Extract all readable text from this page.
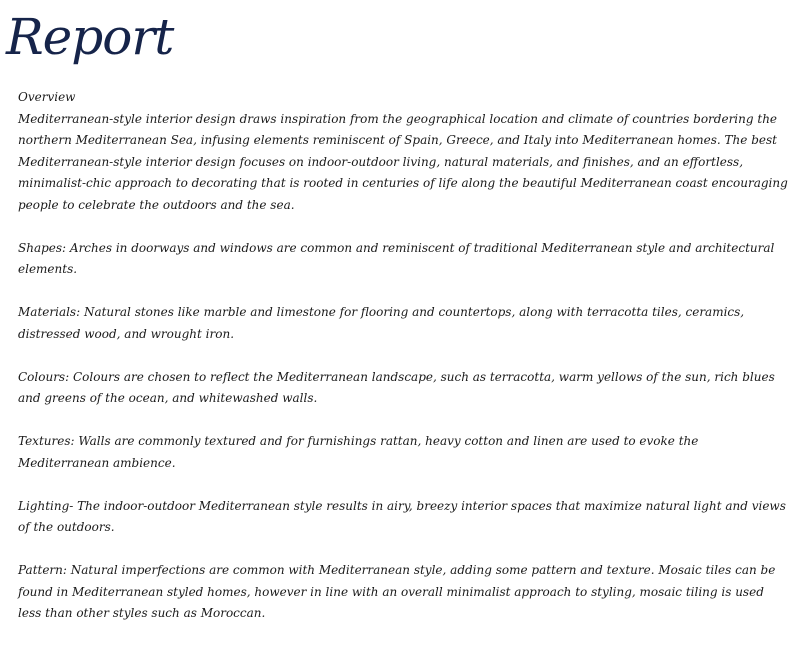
Report

Overview
Mediterranean-style interior design draws inspiration from the geographical location and climate of countries bordering the northern Mediterranean Sea, infusing elements reminiscent of Spain, Greece, and Italy into Mediterranean homes. The best Mediterranean-style interior design focuses on indoor-outdoor living, natural materials, and finishes, and an effortless, minimalist-chic approach to decorating that is rooted in centuries of life along the beautiful Mediterranean coast encouraging people to celebrate the outdoors and the sea.

Shapes: Arches in doorways and windows are common and reminiscent of traditional Mediterranean style and architectural elements.

Materials: Natural stones like marble and limestone for flooring and countertops, along with terracotta tiles, ceramics, distressed wood, and wrought iron.

Colours: Colours are chosen to reflect the Mediterranean landscape, such as terracotta, warm yellows of the sun, rich blues and greens of the ocean, and whitewashed walls.

Textures: Walls are commonly textured and for furnishings rattan, heavy cotton and linen are used to evoke the Mediterranean ambience.

Lighting- The indoor-outdoor Mediterranean style results in airy, breezy interior spaces that maximize natural light and views of the outdoors.

Pattern: Natural imperfections are common with Mediterranean style, adding some pattern and texture. Mosaic tiles can be found in Mediterranean styled homes, however in line with an overall minimalist approach to styling, mosaic tiling is used less than other styles such as Moroccan.
